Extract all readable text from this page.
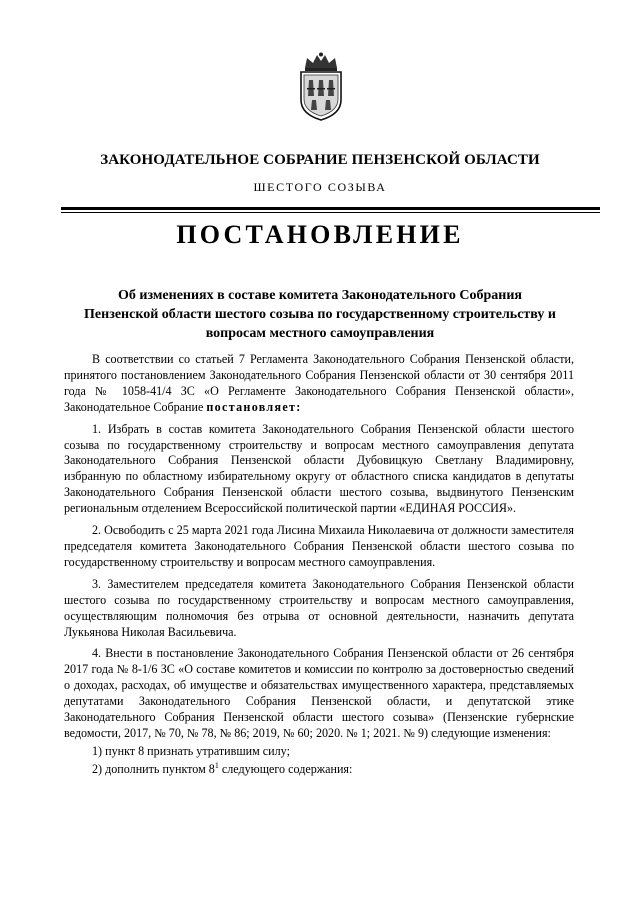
ЗАКОНОДАТЕЛЬНОЕ СОБРАНИЕ ПЕНЗЕНСКОЙ ОБЛАСТИ
ШЕСТОГО СОЗЫВА
ПОСТАНОВЛЕНИЕ
Об изменениях в составе комитета Законодательного Собрания Пензенской области шестого созыва по государственному строительству и вопросам местного самоуправления

В соответствии со статьей 7 Регламента Законодательного Собрания Пензенской области, принятого постановлением Законодательного Собрания Пензенской области от 30 сентября 2011 года № 1058-41/4 ЗС «О Регламенте Законодательного Собрания Пензенской области», Законодательное Собрание постановляет:

1. Избрать в состав комитета Законодательного Собрания Пензенской области шестого созыва по государственному строительству и вопросам местного самоуправления депутата Законодательного Собрания Пензенской области Дубовицкую Светлану Владимировну, избранную по областному избирательному округу от областного списка кандидатов в депутаты Законодательного Собрания Пензенской области шестого созыва, выдвинутого Пензенским региональным отделением Всероссийской политической партии «ЕДИНАЯ РОССИЯ».

2. Освободить с 25 марта 2021 года Лисина Михаила Николаевича от должности заместителя председателя комитета Законодательного Собрания Пензенской области шестого созыва по государственному строительству и вопросам местного самоуправления.

3. Заместителем председателя комитета Законодательного Собрания Пензенской области шестого созыва по государственному строительству и вопросам местного самоуправления, осуществляющим полномочия без отрыва от основной деятельности, назначить депутата Лукьянова Николая Васильевича.

4. Внести в постановление Законодательного Собрания Пензенской области от 26 сентября 2017 года № 8-1/6 ЗС «О составе комитетов и комиссии по контролю за достоверностью сведений о доходах, расходах, об имуществе и обязательствах имущественного характера, представляемых депутатами Законодательного Собрания Пензенской области, и депутатской этике Законодательного Собрания Пензенской области шестого созыва» (Пензенские губернские ведомости, 2017, № 70, № 78, № 86; 2019, № 60; 2020. № 1; 2021. № 9) следующие изменения:

1) пункт 8 признать утратившим силу;

2) дополнить пунктом $8^1$ следующего содержания:
